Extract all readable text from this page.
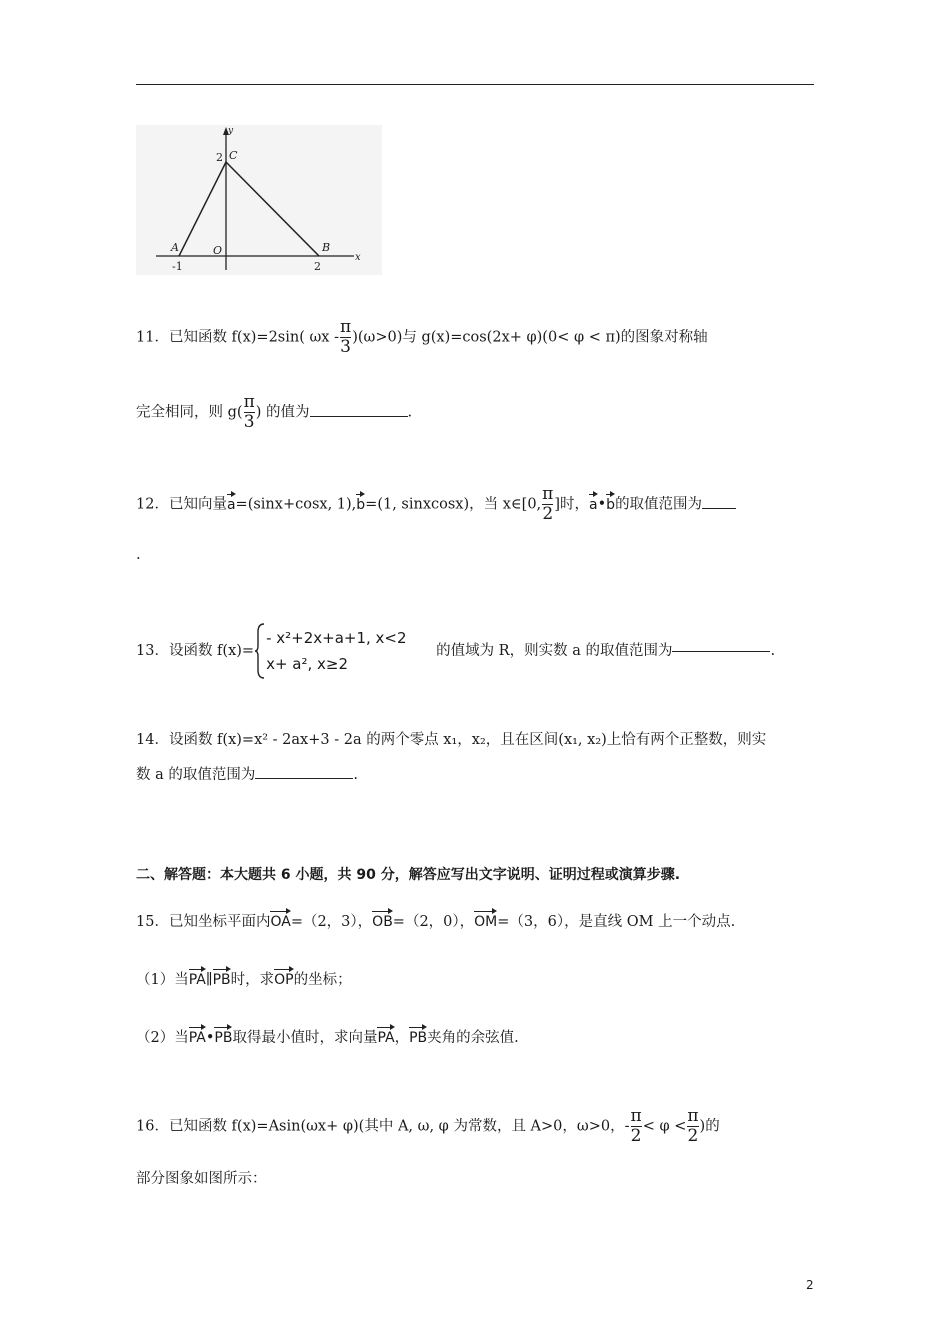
y
x
2 C
A	B
O
-1	2
11．已知函数 f(x)=2sin( $\omega x - \frac{\pi}{3} )(\omega>0)$与 g(x)=cos(2x+ φ)(0< φ < π)的图象对称轴
完全相同，则 $g( \frac{\pi}{3}$ ) 的值为	.
12．已知向量
a=(sinx+cosx, 1),
b=(1, sinxcosx)，当 x∈[0, $\frac{\pi}{2}$ ]时，
a•
b的取值范围为
.
13．设函数 f(x)=
- x²+2x+a+1, x<2
x+ a², x≥2
的值域为 R，则实数 a 的取值范围为	.
14．设函数 f(x)=x² - 2ax+3 - 2a 的两个零点 x₁，x₂，且在区间(x₁, x₂)上恰有两个正整数，则实
数 a 的取值范围为	.
二、解答题：本大题共 6 小题，共 90 分，解答应写出文字说明、证明过程或演算步骤.
15．已知坐标平面内
OA=（2，3），
OB=（2，0），
OM=（3，6），是直线 OM 上一个动点.
（1）当
PA∥
PB时，求
OP的坐标；
（2）当
PA•
PB取得最小值时，求向量
PA，
PB夹角的余弦值.
16．已知函数 f(x)=Asin(ωx+ φ)(其中 A, ω, φ 为常数，且 A>0，ω>0，- $\frac{\pi}{2} < \varphi < \frac{\pi}{2}$ )的
部分图象如图所示：
2
